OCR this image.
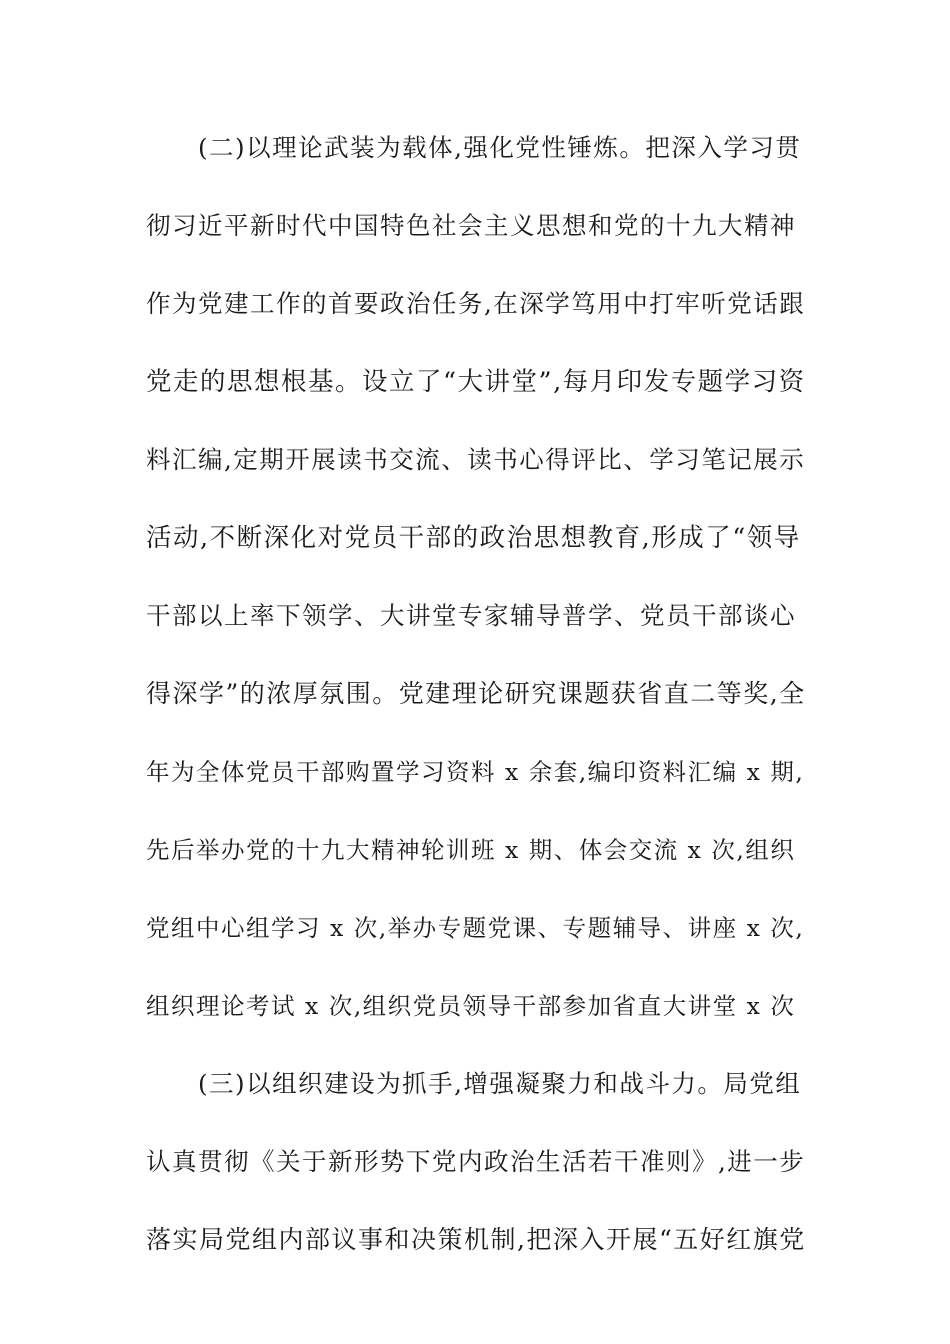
(二)以理论武装为载体,强化党性锤炼。把深入学习贯
彻习近平新时代中国特色社会主义思想和党的十九大精神
作为党建工作的首要政治任务,在深学笃用中打牢听党话跟
党走的思想根基。设立了“大讲堂”,每月印发专题学习资
料汇编,定期开展读书交流、读书心得评比、学习笔记展示
活动,不断深化对党员干部的政治思想教育,形成了“领导
干部以上率下领学、大讲堂专家辅导普学、党员干部谈心
得深学”的浓厚氛围。党建理论研究课题获省直二等奖,全
年为全体党员干部购置学习资料 x 余套,编印资料汇编 x 期,
先后举办党的十九大精神轮训班 x 期、体会交流 x 次,组织
党组中心组学习 x 次,举办专题党课、专题辅导、讲座 x 次,
组织理论考试 x 次,组织党员领导干部参加省直大讲堂 x 次
(三)以组织建设为抓手,增强凝聚力和战斗力。局党组
认真贯彻《关于新形势下党内政治生活若干准则》,进一步
落实局党组内部议事和决策机制,把深入开展“五好红旗党
